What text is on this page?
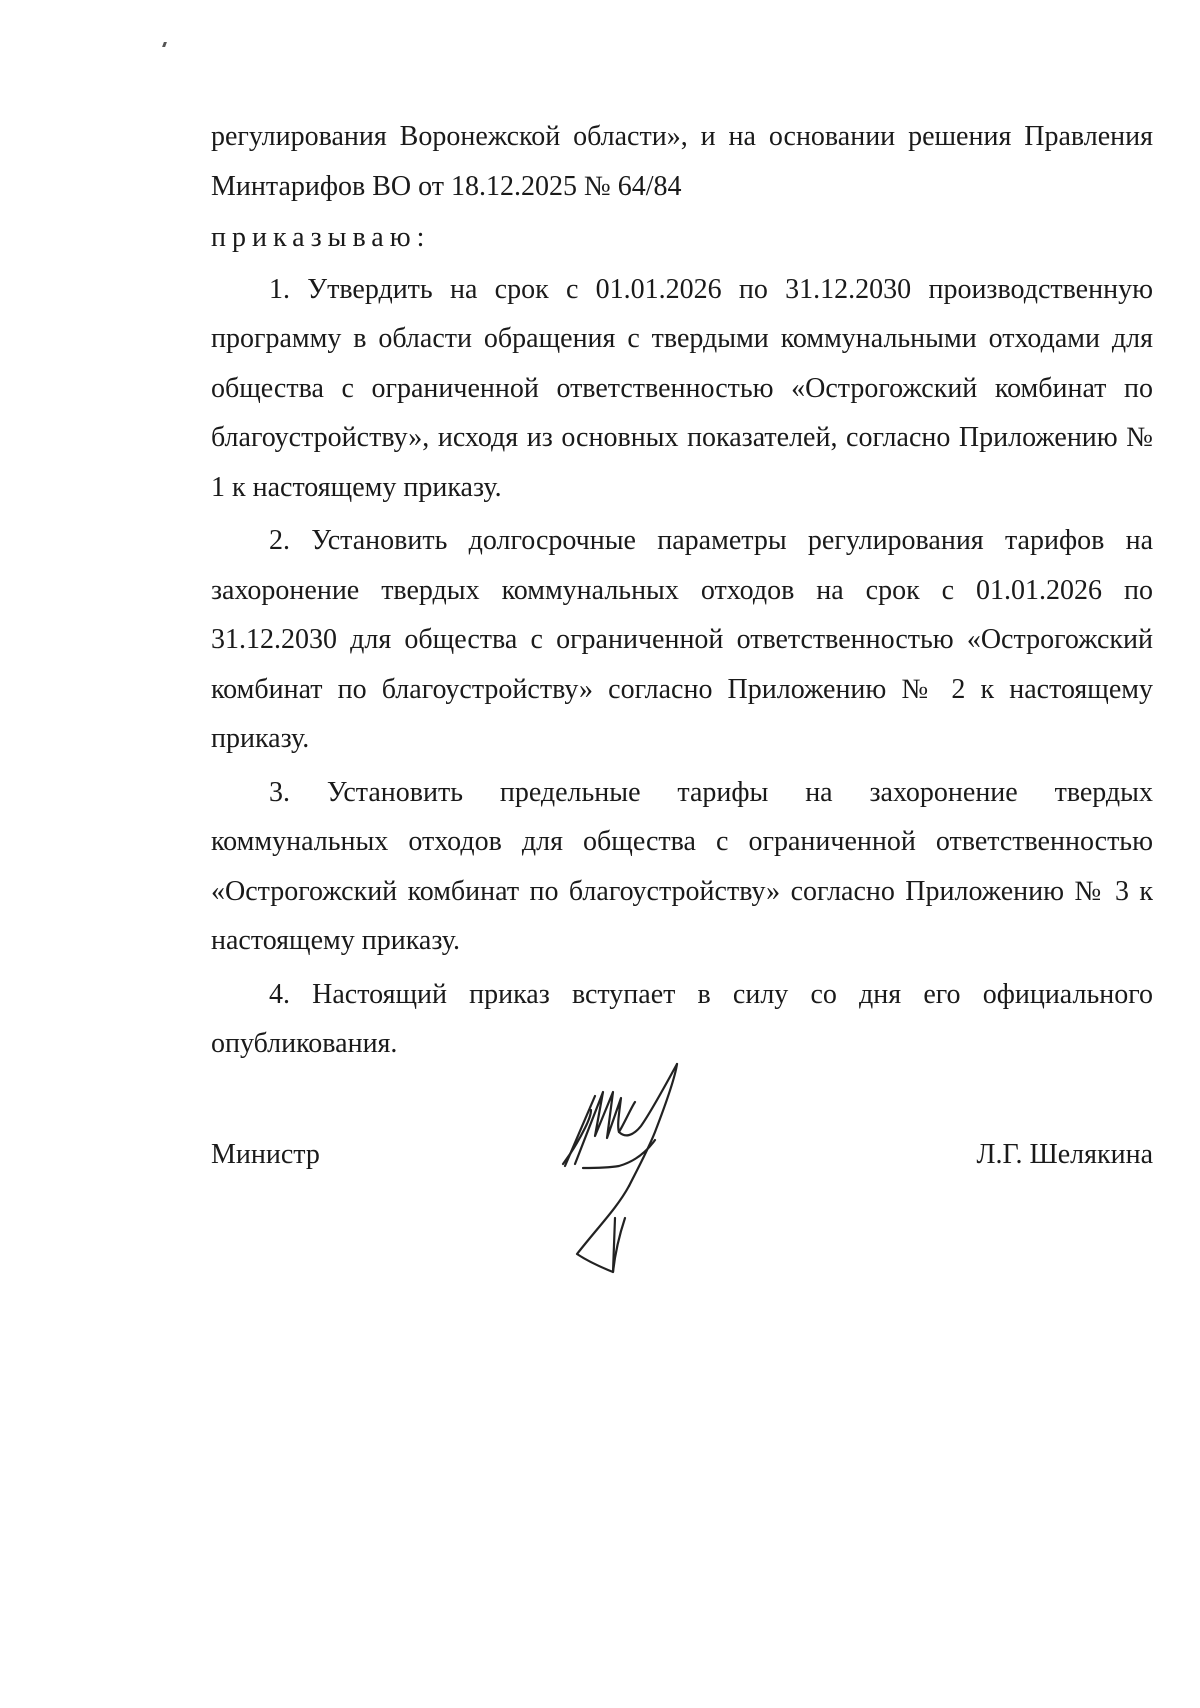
регулирования Воронежской области», и на основании решения Правления

Минтарифов ВО от 18.12.2025 № 64/84

приказываю:

1. Утвердить на срок с 01.01.2026 по 31.12.2030 производственную программу в области обращения с твердыми коммунальными отходами для общества с ограниченной ответственностью «Острогожский комбинат по благоустройству», исходя из основных показателей, согласно Приложению № 1 к настоящему приказу.

2. Установить долгосрочные параметры регулирования тарифов на захоронение твердых коммунальных отходов на срок с 01.01.2026 по 31.12.2030 для общества с ограниченной ответственностью «Острогожский комбинат по благоустройству» согласно Приложению № 2 к настоящему приказу.

3. Установить предельные тарифы на захоронение твердых коммунальных отходов для общества с ограниченной ответственностью «Острогожский комбинат по благоустройству» согласно Приложению № 3 к настоящему приказу.

4. Настоящий приказ вступает в силу со дня его официального опубликования.

Министр	Л.Г. Шелякина
